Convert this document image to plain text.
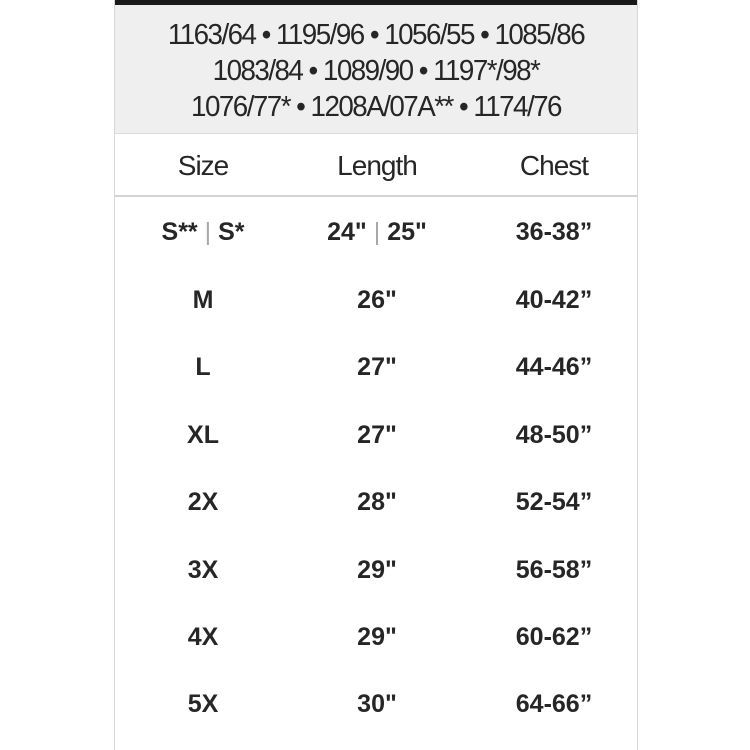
1163/64 • 1195/96 • 1056/55 • 1085/86
1083/84 • 1089/90 • 1197*/98*
1076/77* • 1208A/07A** • 1174/76
Size	Length	Chest
S** | S*	24" | 25"	36-38”
M	26"	40-42”
L	27"	44-46”
XL	27"	48-50”
2X	28"	52-54”
3X	29"	56-58”
4X	29"	60-62”
5X	30"	64-66”
